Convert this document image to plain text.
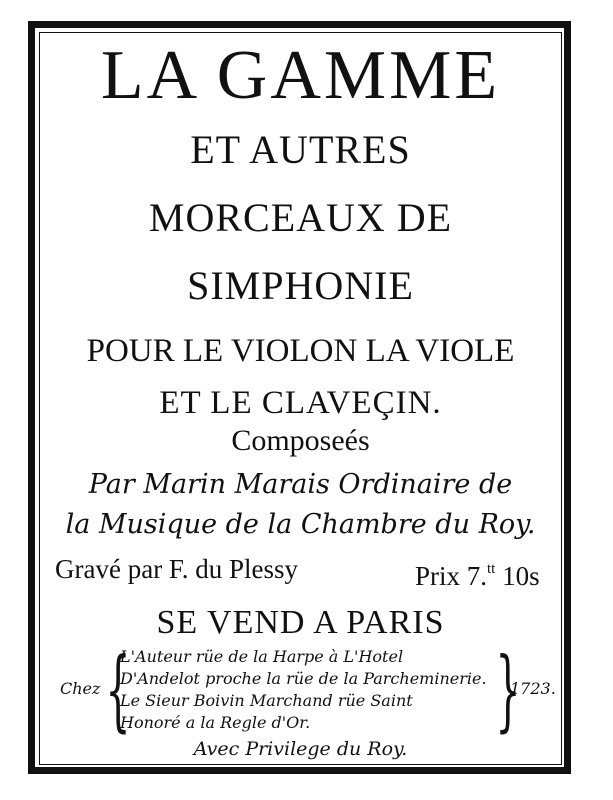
LA GAMME
ET AUTRES
MORCEAUX DE
SIMPHONIE
POUR LE VIOLON LA VIOLE
ET LE CLAVEÇIN.
Composeés
Par Marin Marais Ordinaire de
la Musique de la Chambre du Roy.
Gravé par F. du Plessy	Prix 7.$^{tt}$ 10s
SE VEND A PARIS
Chez {
L'Auteur rüe de la Harpe à L'Hotel
D'Andelot proche la rüe de la Parcheminerie.
Le Sieur Boivin Marchand rüe Saint
Honoré a la Regle d'Or.	}
1723.
Avec Privilege du Roy.
